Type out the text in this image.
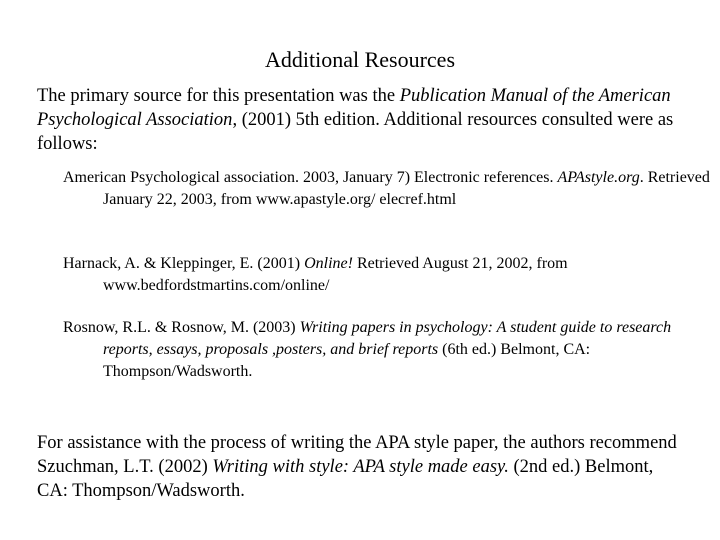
Additional Resources

The primary source for this presentation was the Publication Manual of the American Psychological Association, (2001) 5th edition. Additional resources consulted were as follows:

American Psychological association. 2003, January 7) Electronic references. APAstyle.org. Retrieved January 22, 2003, from www.apastyle.org/ elecref.html

Harnack, A. & Kleppinger, E. (2001) Online! Retrieved August 21, 2002, from www.bedfordstmartins.com/online/

Rosnow, R.L. & Rosnow, M. (2003) Writing papers in psychology: A student guide to research reports, essays, proposals ,posters, and brief reports (6th ed.) Belmont, CA: Thompson/Wadsworth.

For assistance with the process of writing the APA style paper, the authors recommend Szuchman, L.T. (2002) Writing with style: APA style made easy. (2nd ed.) Belmont, CA: Thompson/Wadsworth.
